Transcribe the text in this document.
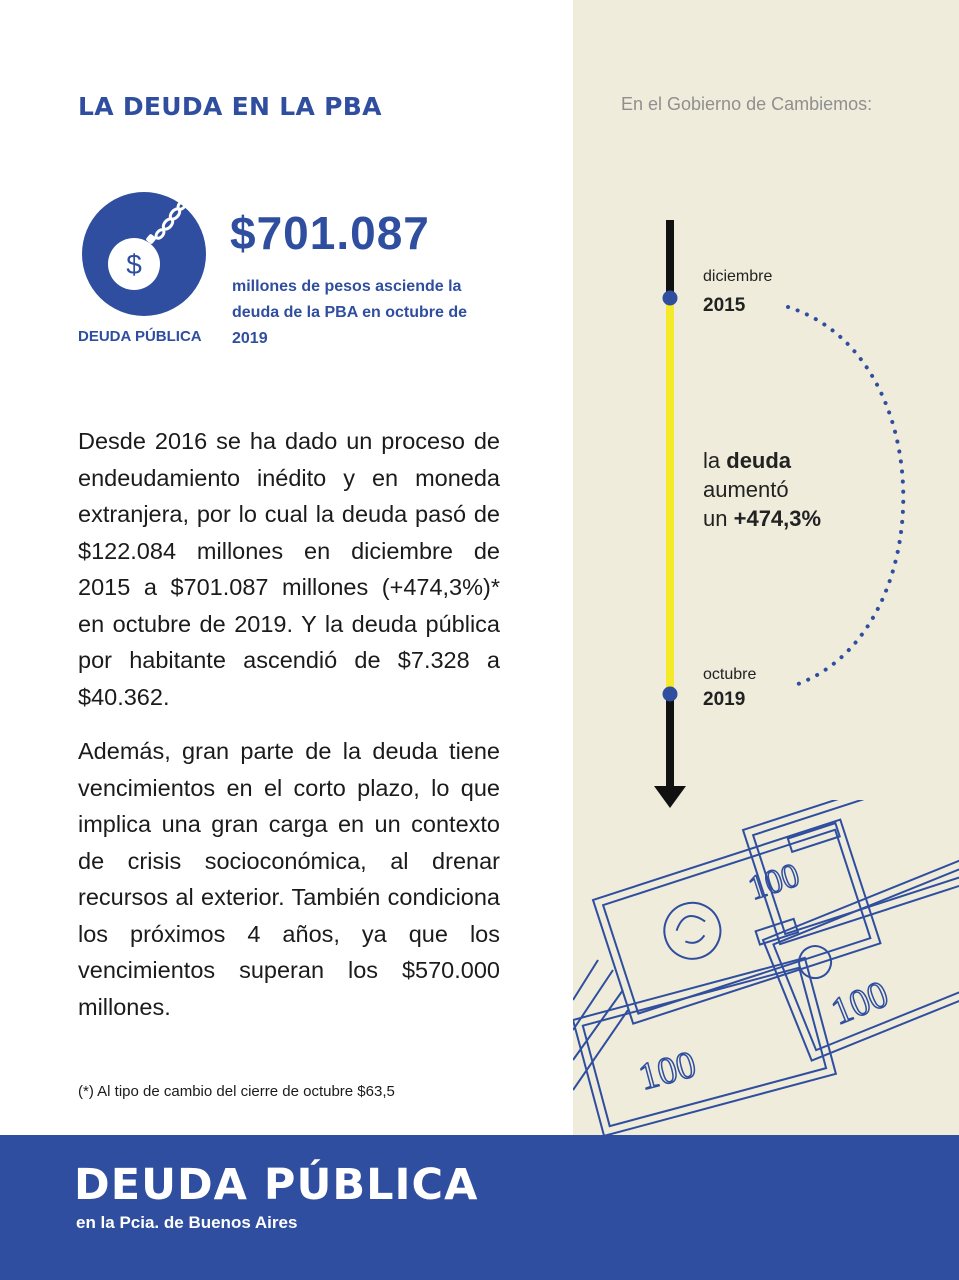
LA DEUDA EN LA PBA	En el Gobierno de Cambiemos:
$
DEUDA PÚBLICA
$701.087
millones de pesos asciende la deuda de la PBA en octubre de 2019

Desde 2016 se ha dado un proceso de endeudamiento inédito y en moneda extranjera, por lo cual la deuda pasó de $122.084 millones en diciembre de 2015 a $701.087 millones (+474,3%)* en octubre de 2019. Y la deuda pública por habitante ascendió de $7.328 a $40.362.

Además, gran parte de la deuda tiene vencimientos en el corto plazo, lo que implica una gran carga en un contexto de crisis socioconómica, al drenar recursos al exterior. También condiciona los próximos 4 años, ya que los vencimientos superan los $570.000 millones.

(*) Al tipo de cambio del cierre de octubre $63,5
diciembre
2015
octubre
2019
la deuda
aumentó
un +474,3%
100
100
100
DEUDA PÚBLICA
en la Pcia. de Buenos Aires
